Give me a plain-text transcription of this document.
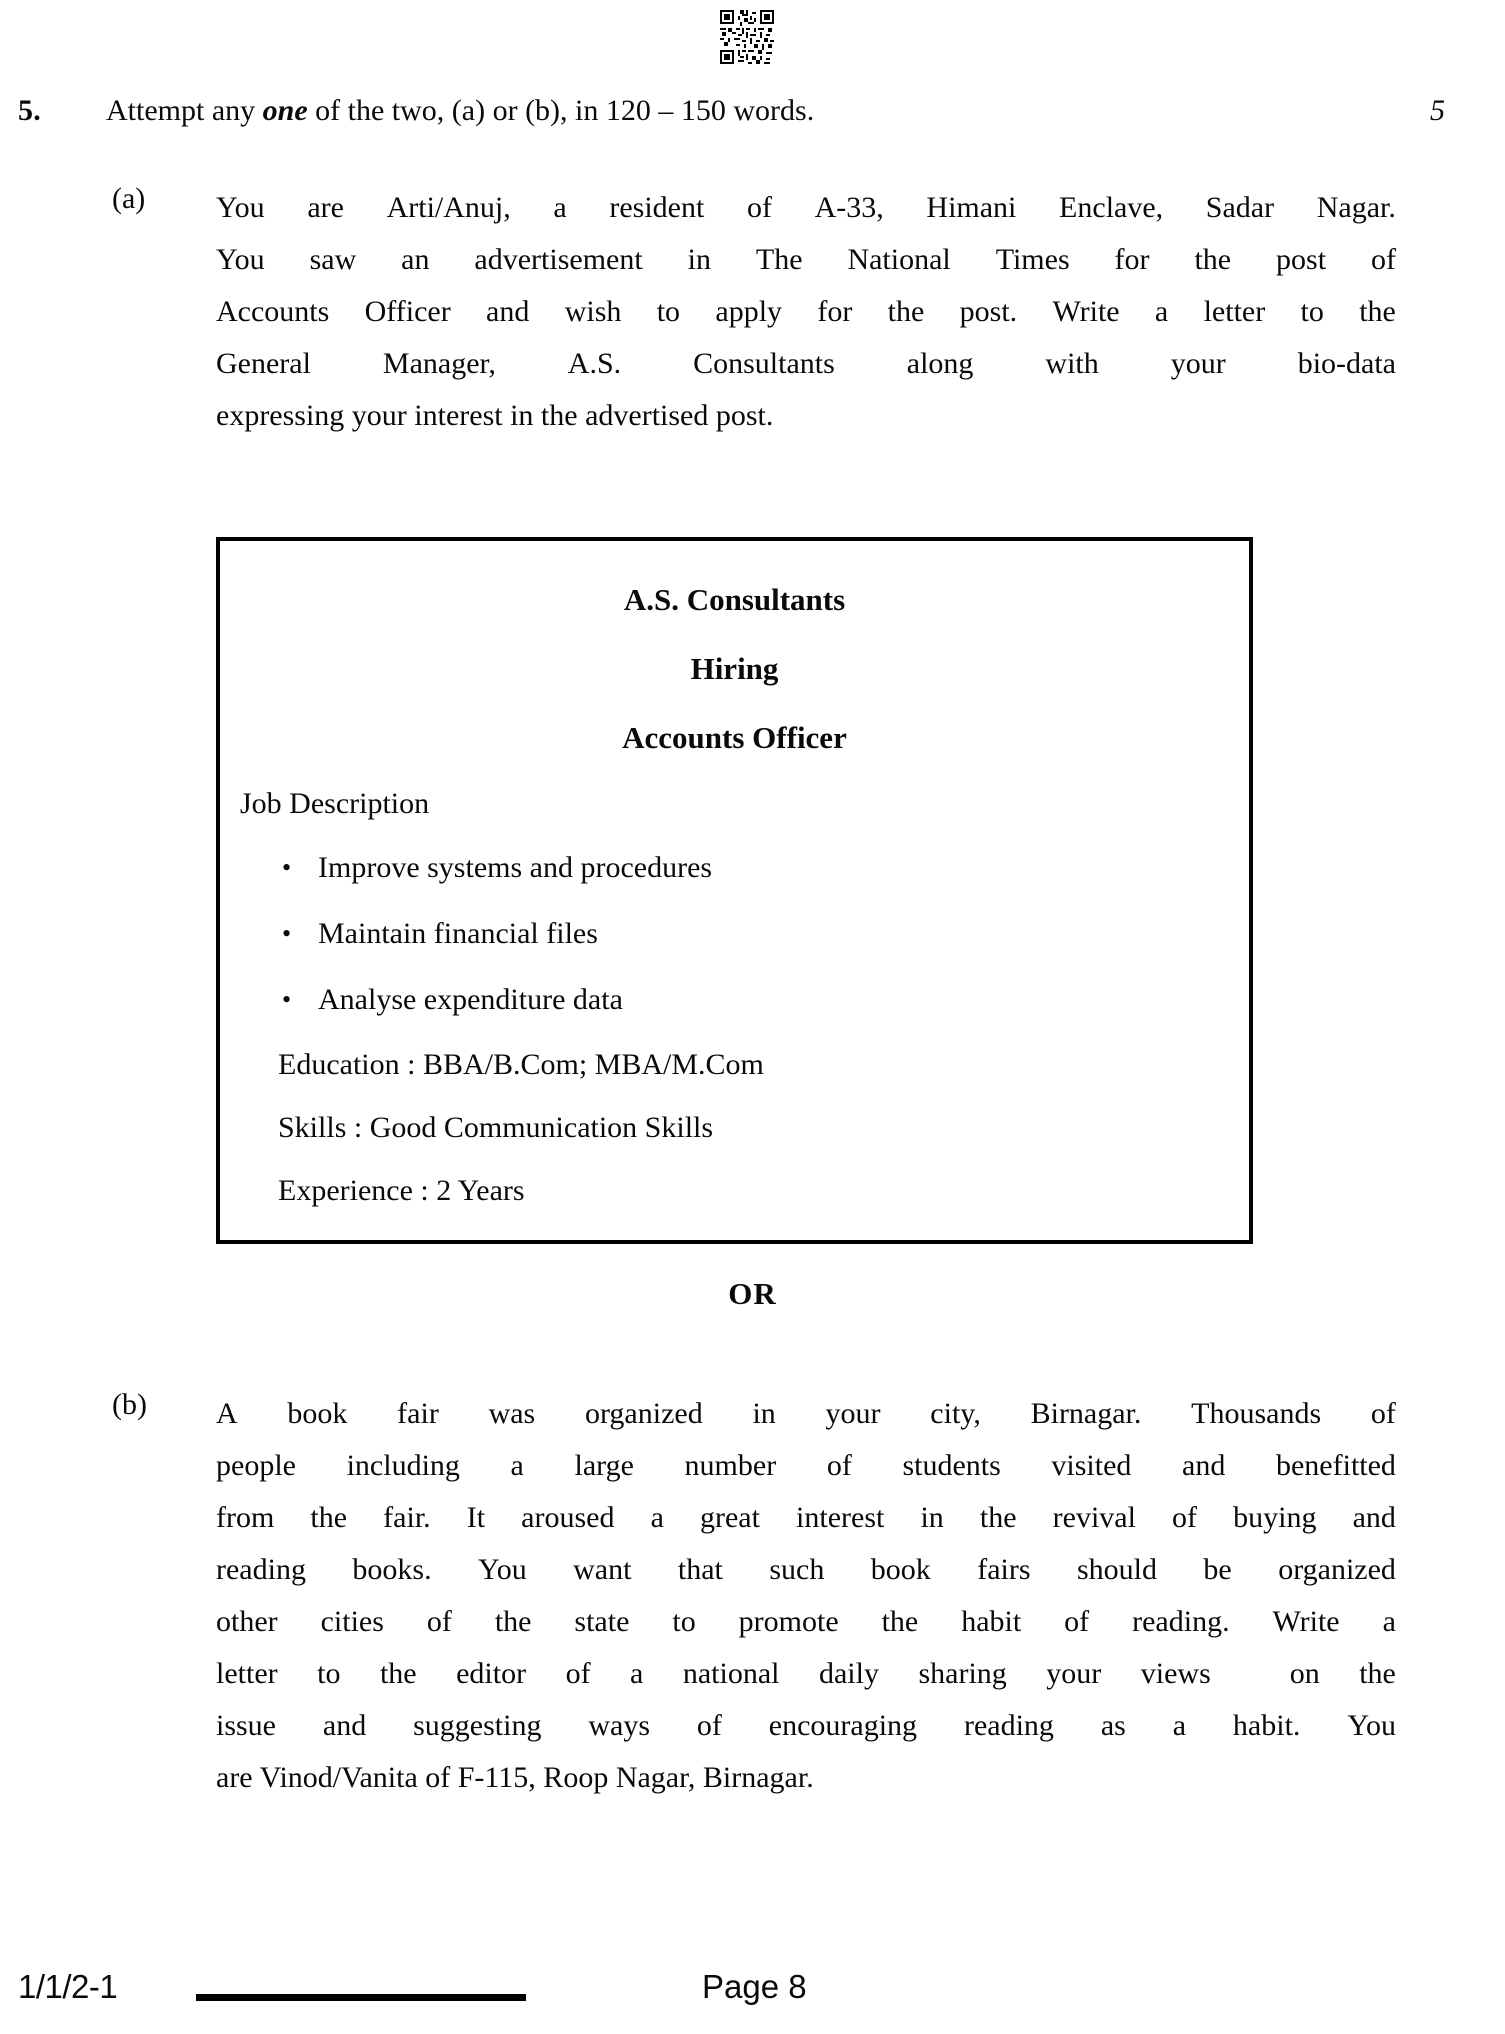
5. Attempt any one of the two, (a) or (b), in 120 – 150 words.	5
(a)	You are Arti/Anuj, a resident of A-33, Himani Enclave, Sadar Nagar.
You saw an advertisement in The National Times for the post of
Accounts Officer and wish to apply for the post. Write a letter to the
General Manager, A.S. Consultants along with your bio-data
expressing your interest in the advertised post.
A.S. Consultants
Hiring
Accounts Officer
Job Description
• Improve systems and procedures
• Maintain financial files
• Analyse expenditure data
Education : BBA/B.Com; MBA/M.Com
Skills : Good Communication Skills
Experience : 2 Years
OR
(b)	A book fair was organized in your city, Birnagar. Thousands of
people including a large number of students visited and benefitted
from the fair. It aroused a great interest in the revival of buying and
reading books. You want that such book fairs should be organized
other cities of the state to promote the habit of reading. Write a
letter to the editor of a national daily sharing your views	on the
issue and suggesting ways of encouraging reading as a habit. You
are Vinod/Vanita of F-115, Roop Nagar, Birnagar.
1/1/2-1	Page 8
